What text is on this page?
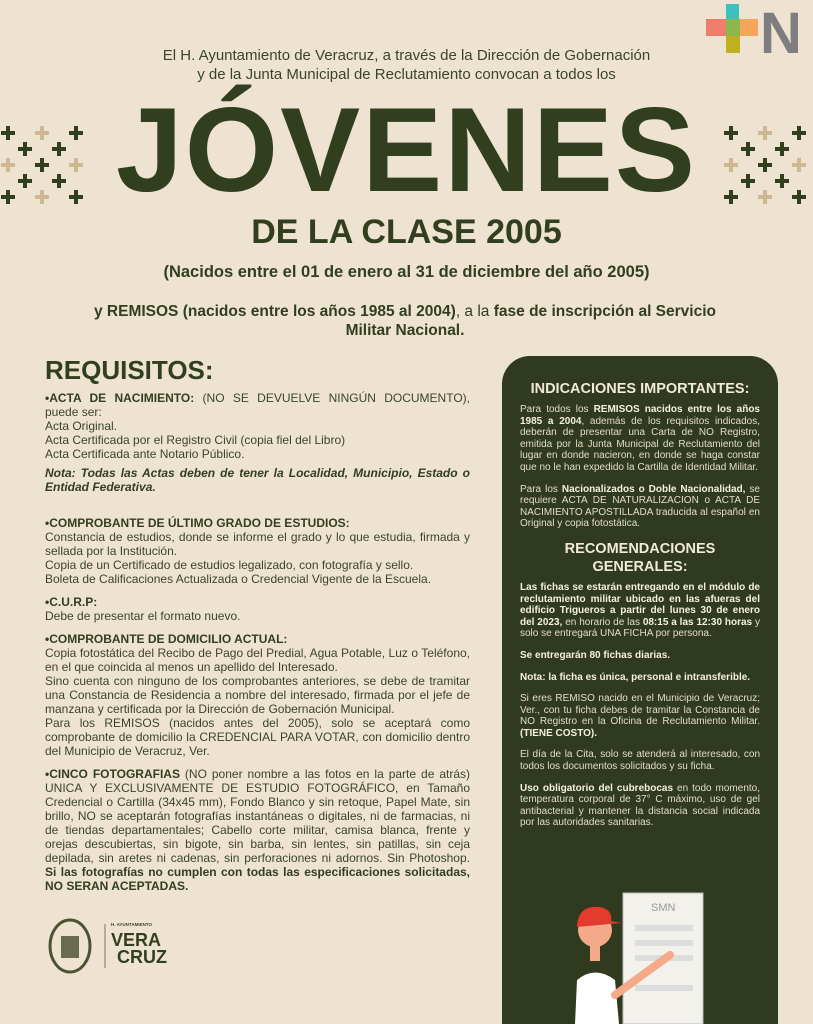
El H. Ayuntamiento de Veracruz, a través de la Dirección de Gobernación
y de la Junta Municipal de Reclutamiento convocan a todos los
JÓVENES
N
DE LA CLASE 2005
(Nacidos entre el 01 de enero al 31 de diciembre del año 2005)
y REMISOS (nacidos entre los años 1985 al 2004), a la fase de inscripción al Servicio Militar Nacional.
REQUISITOS:

•ACTA DE NACIMIENTO: (NO SE DEVUELVE NINGÚN DOCUMENTO), puede ser:

Acta Original.

Acta Certificada por el Registro Civil (copia fiel del Libro)

Acta Certificada ante Notario Público.

Nota: Todas las Actas deben de tener la Localidad, Municipio, Estado o Entidad Federativa.

•COMPROBANTE DE ÚLTIMO GRADO DE ESTUDIOS:

Constancia de estudios, donde se informe el grado y lo que estudia, firmada y sellada por la Institución.

Copia de un Certificado de estudios legalizado, con fotografía y sello.

Boleta de Calificaciones Actualizada o Credencial Vigente de la Escuela.

•C.U.R.P:

Debe de presentar el formato nuevo.

•COMPROBANTE DE DOMICILIO ACTUAL:

Copia fotostática del Recibo de Pago del Predial, Agua Potable, Luz o Teléfono, en el que coincida al menos un apellido del Interesado.

Sino cuenta con ninguno de los comprobantes anteriores, se debe de tramitar una Constancia de Residencia a nombre del interesado, firmada por el jefe de manzana y certificada por la Dirección de Gobernación Municipal.

Para los REMISOS (nacidos antes del 2005), solo se aceptará como comprobante de domicilio la CREDENCIAL PARA VOTAR, con domicilio dentro del Municipio de Veracruz, Ver.

•CINCO FOTOGRAFIAS (NO poner nombre a las fotos en la parte de atrás) UNICA Y EXCLUSIVAMENTE DE ESTUDIO FOTOGRÁFICO, en Tamaño Credencial o Cartilla (34x45 mm), Fondo Blanco y sin retoque, Papel Mate, sin brillo, NO se aceptarán fotografías instantáneas o digitales, ni de farmacias, ni de tiendas departamentales; Cabello corte militar, camisa blanca, frente y orejas descubiertas, sin bigote, sin barba, sin lentes, sin patillas, sin ceja depilada, sin aretes ni cadenas, sin perforaciones ni adornos. Sin Photoshop. Si las fotografías no cumplen con todas las especificaciones solicitadas, NO SERAN ACEPTADAS.

H. AYUNTAMIENTO
VERA
CRUZ
INDICACIONES IMPORTANTES:

Para todos los REMISOS nacidos entre los años 1985 a 2004, además de los requisitos indicados, deberán de presentar una Carta de NO Registro, emitida por la Junta Municipal de Reclutamiento del lugar en donde nacieron, en donde se haga constar que no le han expedido la Cartilla de Identidad Militar.

Para los Nacionalizados o Doble Nacionalidad, se requiere ACTA DE NATURALIZACION o ACTA DE NACIMIENTO APOSTILLADA traducida al español en Original y copia fotostática.

RECOMENDACIONES GENERALES:

Las fichas se estarán entregando en el módulo de reclutamiento militar ubicado en las afueras del edificio Trigueros a partir del lunes 30 de enero del 2023, en horario de las 08:15 a las 12:30 horas y solo se entregará UNA FICHA por persona.

Se entregarán 80 fichas diarias.

Nota: la ficha es única, personal e intransferible.

Si eres REMISO nacido en el Municipio de Veracruz; Ver., con tu ficha debes de tramitar la Constancia de NO Registro en la Oficina de Reclutamiento Militar. (TIENE COSTO).

El día de la Cita, solo se atenderá al interesado, con todos los documentos solicitados y su ficha.

Uso obligatorio del cubrebocas en todo momento, temperatura corporal de 37° C máximo, uso de gel antibacterial y mantener la distancia social indicada por las autoridades sanitarias.

SMN
